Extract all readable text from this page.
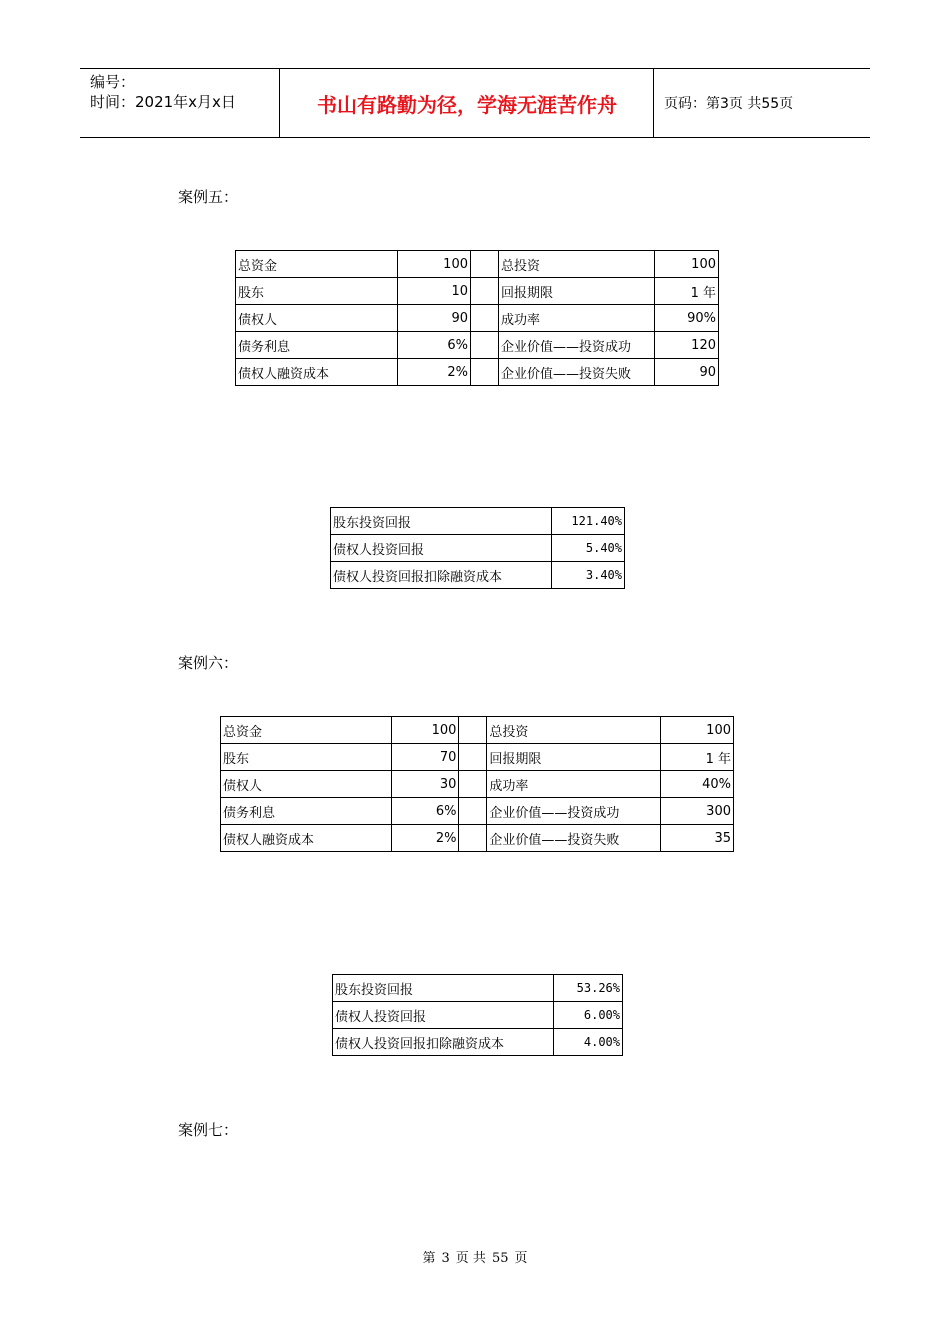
编号：
时间：2021年x月x日	书山有路勤为径，学海无涯苦作舟	页码：第3页 共55页
案例五：
总资金	100		总投资	100
股东	10		回报期限	1 年
债权人	90		成功率	90%
债务利息	6%		企业价值——投资成功	120
债权人融资成本	2%		企业价值——投资失败	90
股东投资回报	121.40%
债权人投资回报	5.40%
债权人投资回报扣除融资成本	3.40%
案例六：
总资金	100		总投资	100
股东	70		回报期限	1 年
债权人	30		成功率	40%
债务利息	6%		企业价值——投资成功	300
债权人融资成本	2%		企业价值——投资失败	35
股东投资回报	53.26%
债权人投资回报	6.00%
债权人投资回报扣除融资成本	4.00%
案例七：
第 3 页 共 55 页
